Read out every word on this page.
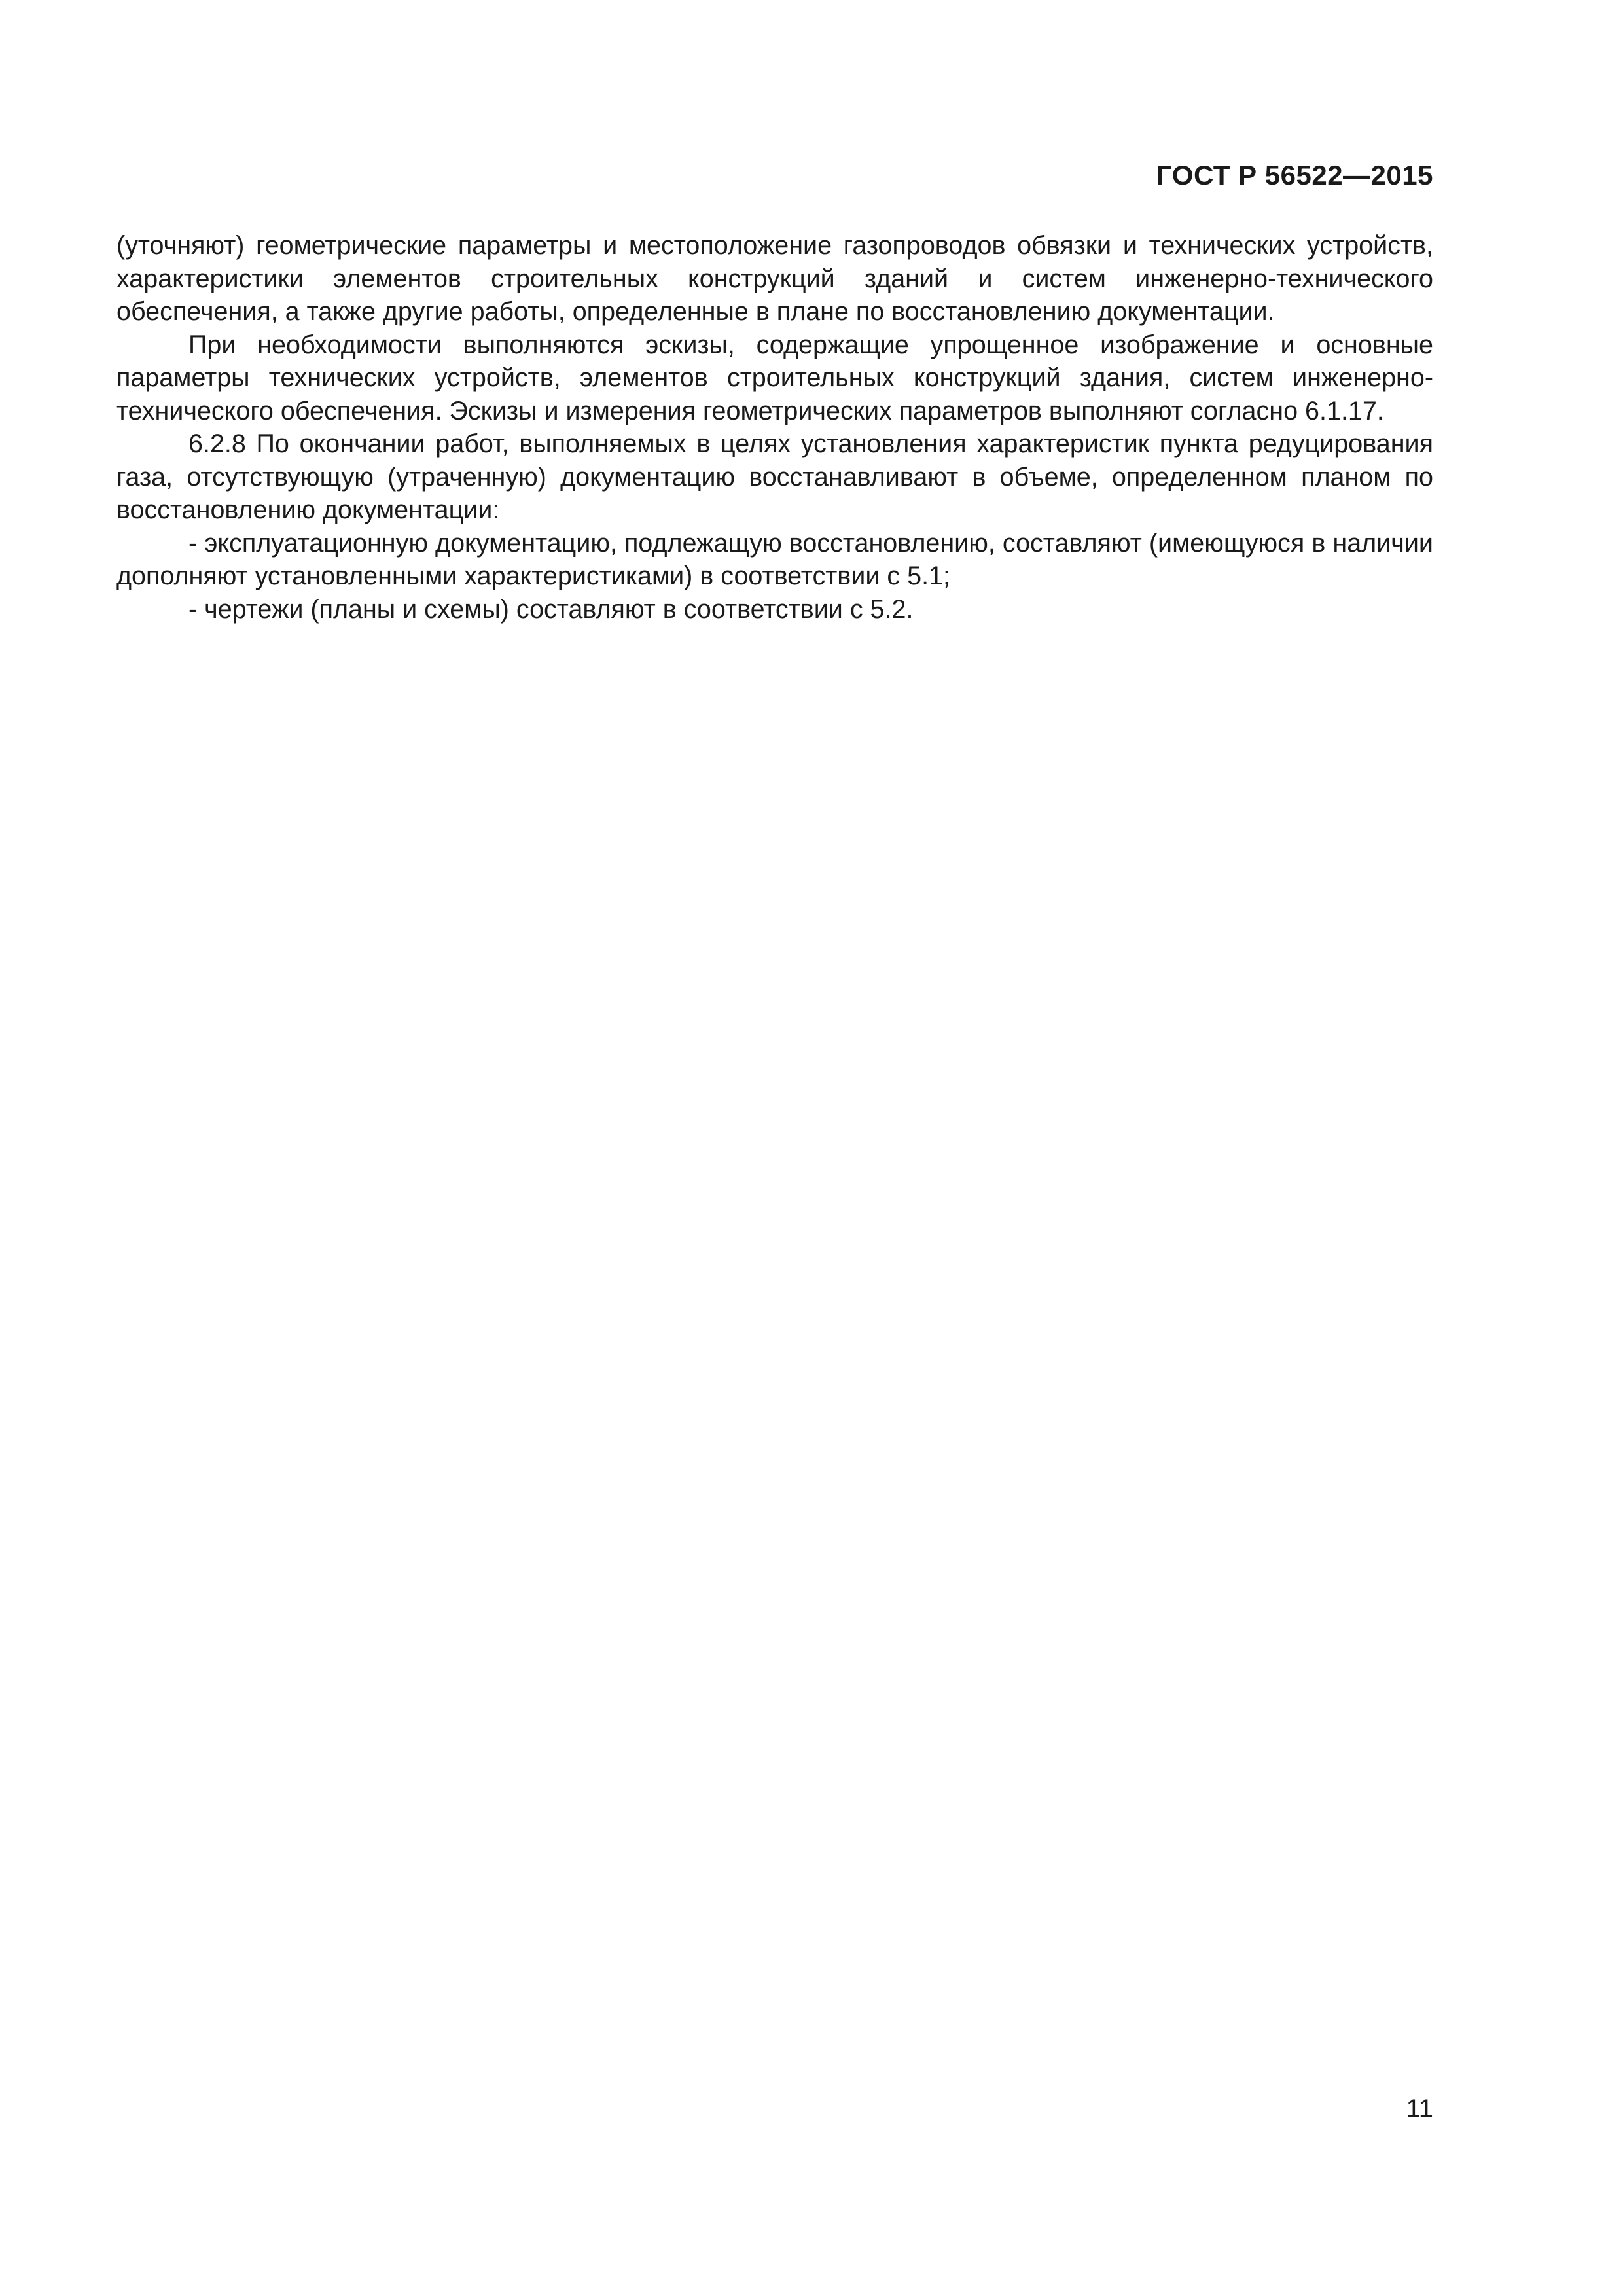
ГОСТ Р 56522—2015

(уточняют) геометрические параметры и местоположение газопроводов обвязки и технических устройств, характеристики элементов строительных конструкций зданий и систем инженерно-технического обеспечения, а также другие работы, определенные в плане по восстановлению документации.

При необходимости выполняются эскизы, содержащие упрощенное изображение и основные параметры технических устройств, элементов строительных конструкций здания, систем инженерно-технического обеспечения. Эскизы и измерения геометрических параметров выполняют согласно 6.1.17.

6.2.8 По окончании работ, выполняемых в целях установления характеристик пункта редуцирования газа, отсутствующую (утраченную) документацию восстанавливают в объеме, определенном планом по восстановлению документации:

- эксплуатационную документацию, подлежащую восстановлению, составляют (имеющуюся в наличии дополняют установленными характеристиками) в соответствии с 5.1;

- чертежи (планы и схемы) составляют в соответствии с 5.2.

11
